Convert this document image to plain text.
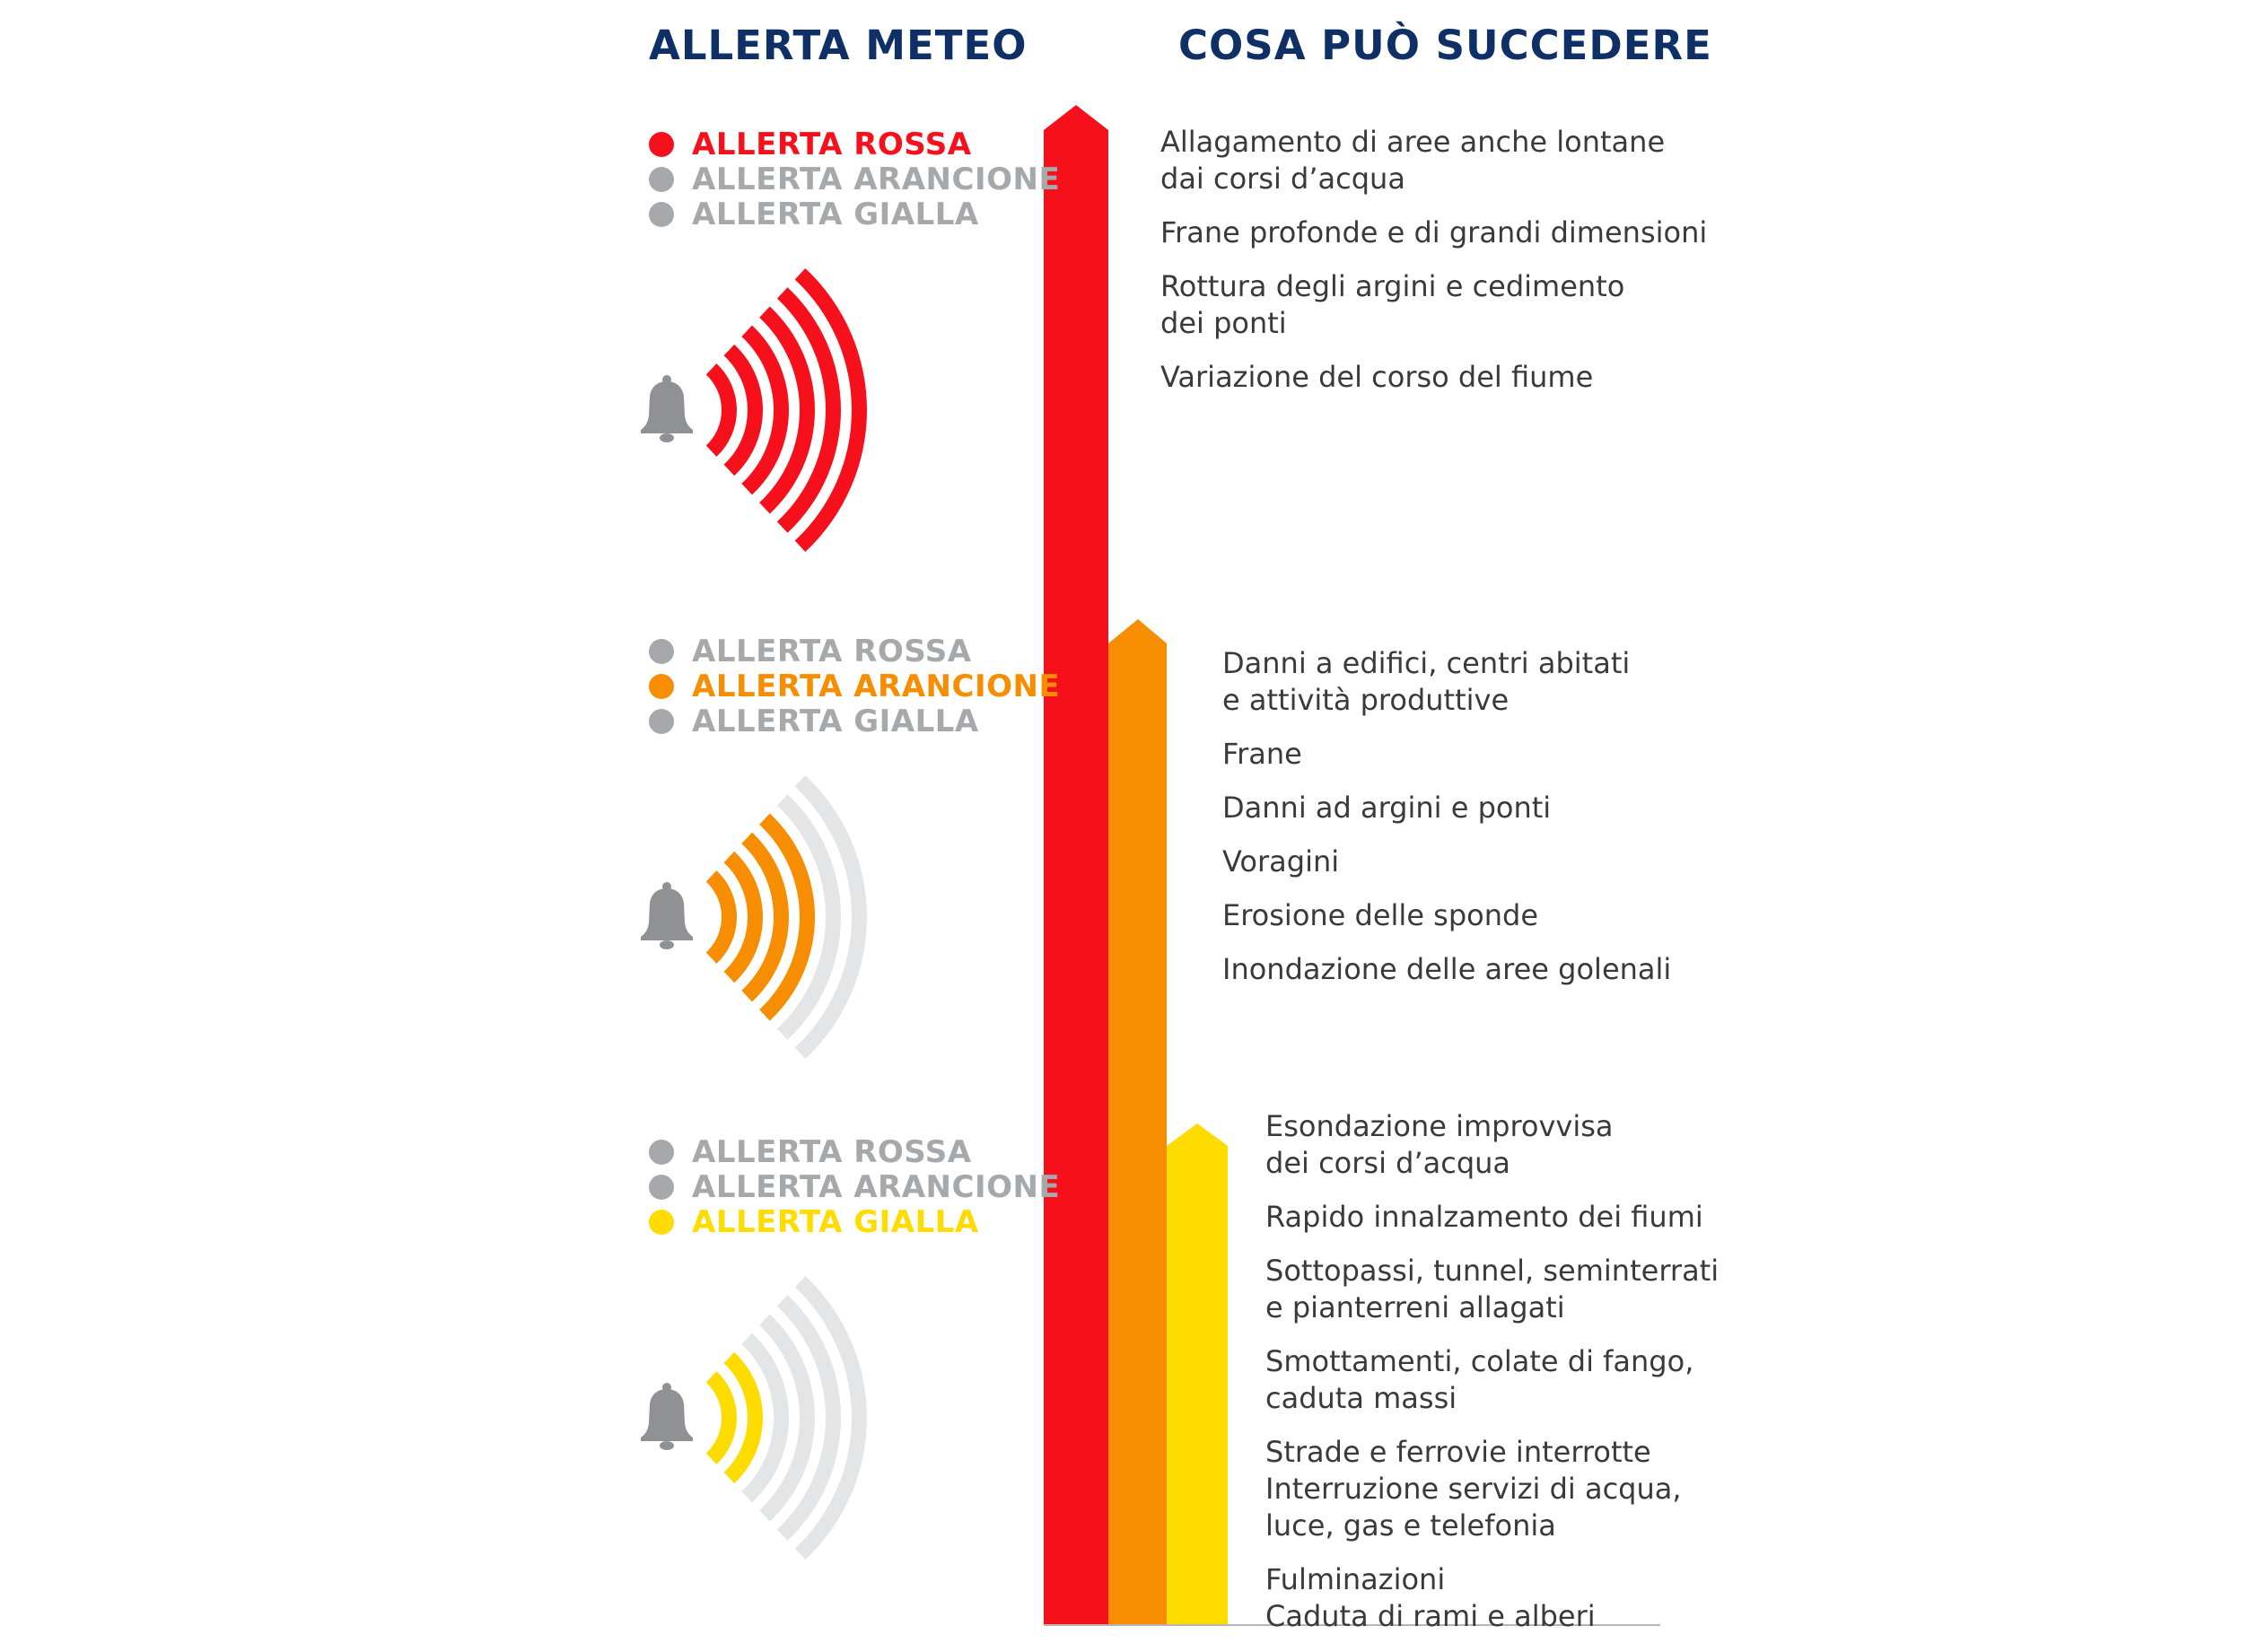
ALLERTA METEO	COSA PUÒ SUCCEDERE
ALLERTA ROSSA
ALLERTA ARANCIONE
ALLERTA GIALLA
Allagamento di aree anche lontane
dai corsi d’acqua
Frane profonde e di grandi dimensioni
Rottura degli argini e cedimento
dei ponti
Variazione del corso del fiume
ALLERTA ROSSA
ALLERTA ARANCIONE
ALLERTA GIALLA
Danni a edifici, centri abitati
e attività produttive
Frane
Danni ad argini e ponti
Voragini
Erosione delle sponde
Inondazione delle aree golenali
ALLERTA ROSSA
ALLERTA ARANCIONE
ALLERTA GIALLA
Esondazione improvvisa
dei corsi d’acqua
Rapido innalzamento dei fiumi
Sottopassi, tunnel, seminterrati
e pianterreni allagati
Smottamenti, colate di fango,
caduta massi
Strade e ferrovie interrotte
Interruzione servizi di acqua,
luce, gas e telefonia
Fulminazioni
Caduta di rami e alberi
